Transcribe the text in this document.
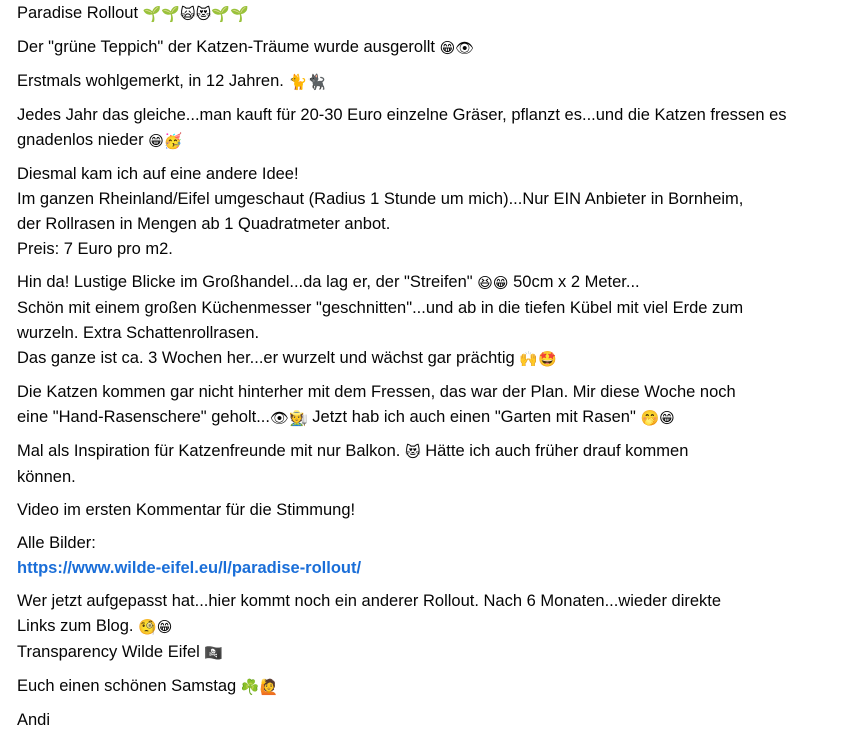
Paradise Rollout 🌱🌱🙀😻🌱🌱
Der "grüne Teppich" der Katzen-Träume wurde ausgerollt 😁👁
Erstmals wohlgemerkt, in 12 Jahren. 🐈🐈‍⬛
Jedes Jahr das gleiche...man kauft für 20-30 Euro einzelne Gräser, pflanzt es...und die Katzen fressen es gnadenlos nieder 😁🥳
Diesmal kam ich auf eine andere Idee!
Im ganzen Rheinland/Eifel umgeschaut (Radius 1 Stunde um mich)...Nur EIN Anbieter in Bornheim,
der Rollrasen in Mengen ab 1 Quadratmeter anbot.
Preis: 7 Euro pro m2.
Hin da! Lustige Blicke im Großhandel...da lag er, der "Streifen" 😆😁 50cm x 2 Meter...
Schön mit einem großen Küchenmesser "geschnitten"...und ab in die tiefen Kübel mit viel Erde zum
wurzeln. Extra Schattenrollrasen.
Das ganze ist ca. 3 Wochen her...er wurzelt und wächst gar prächtig 🙌🤩
Die Katzen kommen gar nicht hinterher mit dem Fressen, das war der Plan. Mir diese Woche noch
eine "Hand-Rasenschere" geholt...👁🧑‍🌾 Jetzt hab ich auch einen "Garten mit Rasen" 🤭😁
Mal als Inspiration für Katzenfreunde mit nur Balkon. 😻 Hätte ich auch früher drauf kommen
können.
Video im ersten Kommentar für die Stimmung!
Alle Bilder:
https://www.wilde-eifel.eu/l/paradise-rollout/
Wer jetzt aufgepasst hat...hier kommt noch ein anderer Rollout. Nach 6 Monaten...wieder direkte
Links zum Blog. 🧐😁
Transparency Wilde Eifel 🏴‍☠️
Euch einen schönen Samstag ☘️🙋
Andi
